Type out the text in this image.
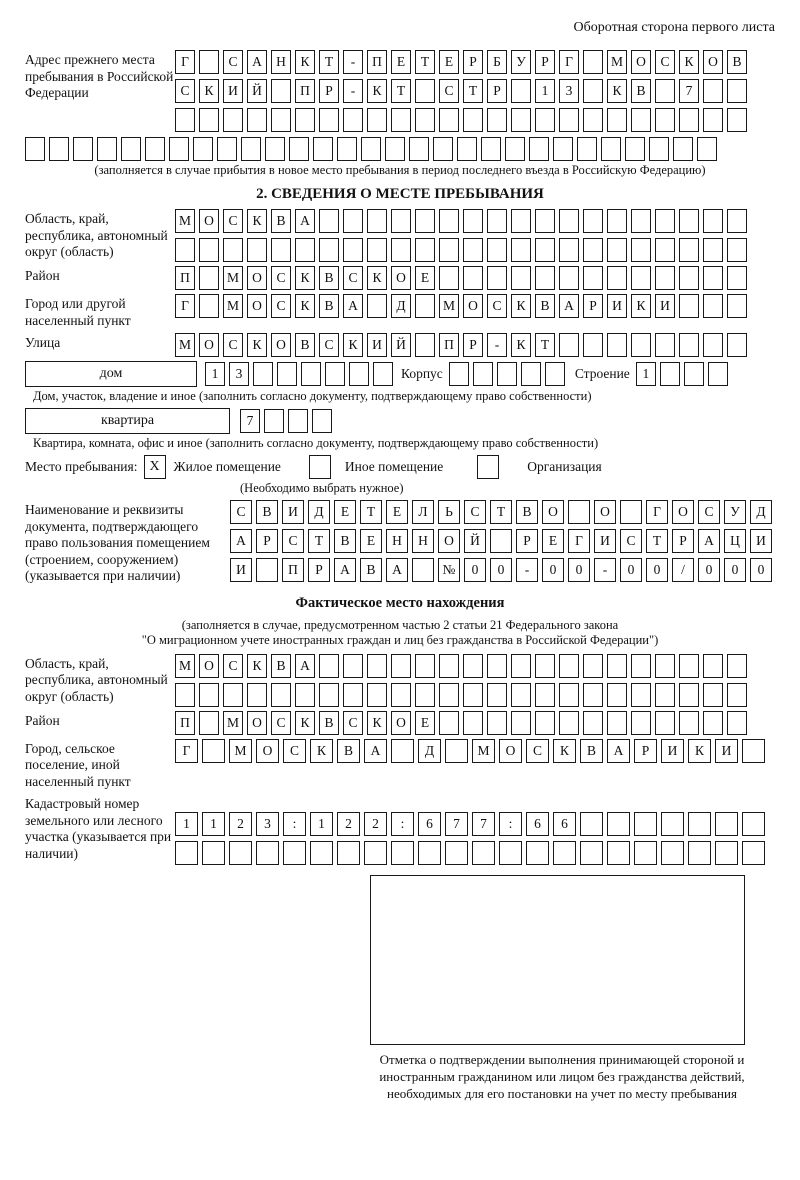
Оборотная сторона первого листа
Адрес прежнего места пребывания в Российской Федерации
Г	С	А	Н	К	Т	-	П	Е	Т	Е	Р	Б	У	Р	Г	М О	С	К	О	В
С	К	И	Й	П	Р	-	К	Т	С	Т	Р	1	3	К	В	7
(заполняется в случае прибытия в новое место пребывания в период последнего въезда в Российскую Федерацию)
2. СВЕДЕНИЯ О МЕСТЕ ПРЕБЫВАНИЯ
Область, край, республика, автономный округ (область)
М О	С	К	В	А
Район	П	М О	С	К	В	С	К	О	Е
Город или другой населенный пункт
Г	М О	С	К	В	А	Д	М О	С	К	В	А	Р	И	К	И
Улица	М О	С	К	О	В	С	К	И	Й	П	Р	-	К	Т
дом	1	3	Корпус	Строение 1
Дом, участок, владение и иное (заполнить согласно документу, подтверждающему право собственности)
квартира	7
Квартира, комната, офис и иное (заполнить согласно документу, подтверждающему право собственности)
Место пребывания: X	Жилое помещение	Иное помещение	Организация
(Необходимо выбрать нужное)
Наименование и реквизиты документа, подтверждающего право пользования помещением (строением, сооружением) (указывается при наличии)
С	В	И	Д	Е	Т	Е	Л	Ь	С	Т	В	О	О	Г	О	С	У	Д
А	Р	С	Т	В	Е	Н	Н	О	Й	Р	Е	Г	И	С	Т	Р	А	Ц	И
И	П	Р	А	В	А	№	0	0	-	0	0	-	0	0	/	0	0	0
Фактическое место нахождения
(заполняется в случае, предусмотренном частью 2 статьи 21 Федерального закона
"О миграционном учете иностранных граждан и лиц без гражданства в Российской Федерации")
Область, край, республика, автономный округ (область)
М О	С	К	В	А
Район	П	М О	С	К	В	С	К	О	Е
Город, сельское поселение, иной населенный пункт
Г	М	О	С	К	В	А	Д	М	О	С	К	В	А	Р	И	К	И
Кадастровый номер земельного или лесного участка (указывается при наличии)
1	1	2	3	:	1	2	2	:	6	7	7	:	6	6
Отметка о подтверждении выполнения принимающей стороной и иностранным гражданином или лицом без гражданства действий, необходимых для его постановки на учет по месту пребывания
